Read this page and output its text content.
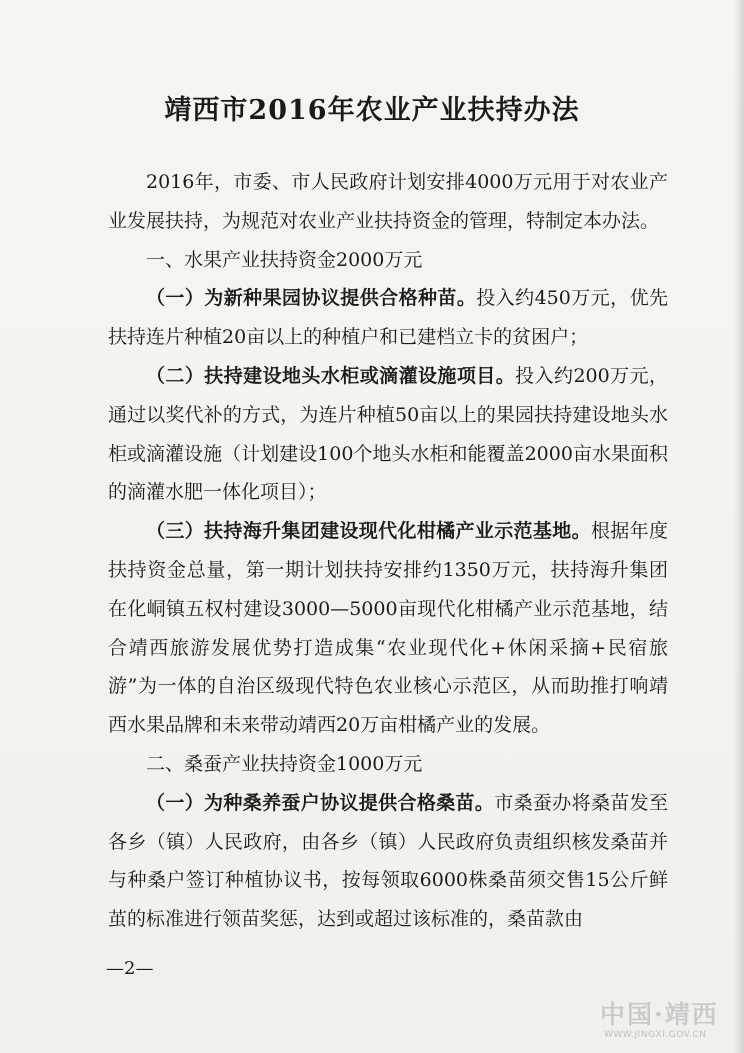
靖西市2016年农业产业扶持办法

2016年，市委、市人民政府计划安排4000万元用于对农业产业发展扶持，为规范对农业产业扶持资金的管理，特制定本办法。

一、水果产业扶持资金2000万元

（一）为新种果园协议提供合格种苗。投入约450万元，优先扶持连片种植20亩以上的种植户和已建档立卡的贫困户；

（二）扶持建设地头水柜或滴灌设施项目。投入约200万元，通过以奖代补的方式，为连片种植50亩以上的果园扶持建设地头水柜或滴灌设施（计划建设100个地头水柜和能覆盖2000亩水果面积的滴灌水肥一体化项目）；

（三）扶持海升集团建设现代化柑橘产业示范基地。根据年度扶持资金总量，第一期计划扶持安排约1350万元，扶持海升集团在化峒镇五权村建设3000—5000亩现代化柑橘产业示范基地，结合靖西旅游发展优势打造成集“农业现代化+休闲采摘+民宿旅游”为一体的自治区级现代特色农业核心示范区，从而助推打响靖西水果品牌和未来带动靖西20万亩柑橘产业的发展。

二、桑蚕产业扶持资金1000万元

（一）为种桑养蚕户协议提供合格桑苗。市桑蚕办将桑苗发至各乡（镇）人民政府，由各乡（镇）人民政府负责组织核发桑苗并与种桑户签订种植协议书，按每领取6000株桑苗须交售15公斤鲜茧的标准进行领苗奖惩，达到或超过该标准的，桑苗款由

—2—
中国·靖西
WWW.JINGXI.GOV.CN
